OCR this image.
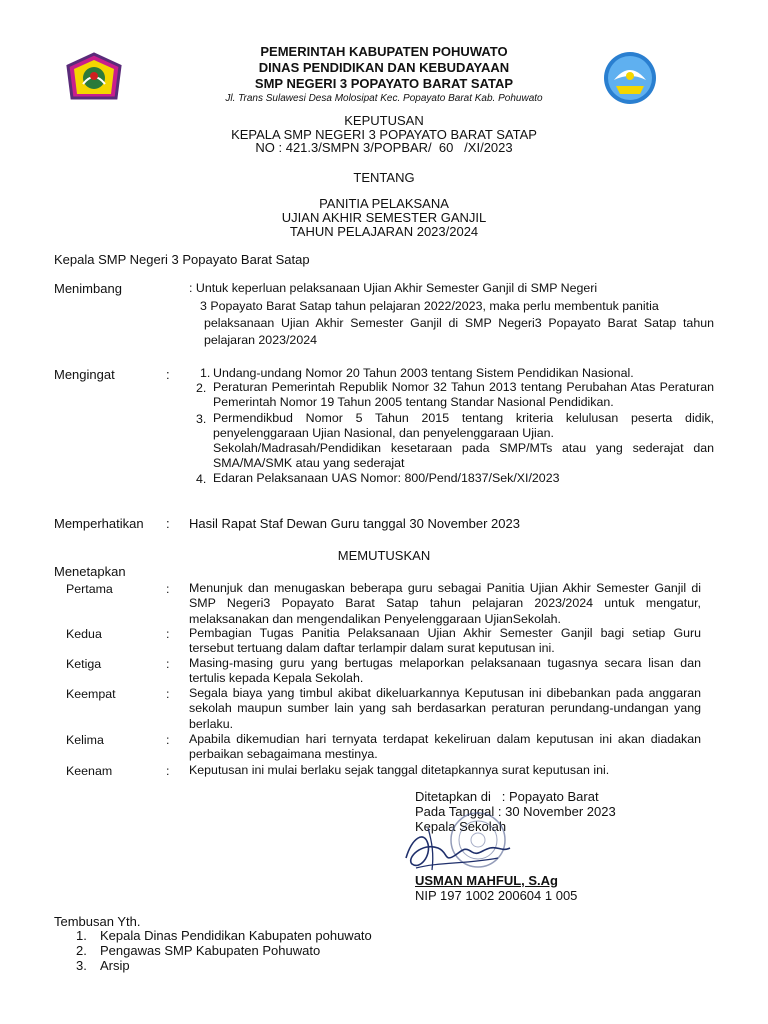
PEMERINTAH KABUPATEN POHUWATO
DINAS PENDIDIKAN DAN KEBUDAYAAN
SMP NEGERI 3 POPAYATO BARAT SATAP
Jl. Trans Sulawesi Desa Molosipat Kec. Popayato Barat Kab. Pohuwato
KEPUTUSAN
KEPALA SMP NEGERI 3 POPAYATO BARAT SATAP
NO : 421.3/SMPN 3/POPBAR/  60   /XI/2023
TENTANG
PANITIA PELAKSANA
UJIAN AKHIR SEMESTER GANJIL
TAHUN PELAJARAN 2023/2024
Kepala SMP Negeri 3 Popayato Barat Satap
Menimbang	: Untuk keperluan pelaksanaan Ujian Akhir Semester Ganjil di SMP Negeri
3 Popayato Barat Satap tahun pelajaran 2022/2023, maka perlu membentuk panitia
pelaksanaan Ujian Akhir Semester Ganjil di SMP Negeri3 Popayato Barat Satap tahun
pelajaran 2023/2024
Mengingat	: 1. Undang-undang Nomor 20 Tahun 2003 tentang Sistem Pendidikan Nasional.
2. Peraturan Pemerintah Republik Nomor 32 Tahun 2013 tentang Perubahan Atas Peraturan Pemerintah Nomor 19 Tahun 2005 tentang Standar Nasional Pendidikan.
3. Permendikbud Nomor 5 Tahun 2015 tentang kriteria kelulusan peserta didik, penyelenggaraan Ujian Nasional, dan penyelenggaraan Ujian.
Sekolah/Madrasah/Pendidikan kesetaraan pada SMP/MTs atau yang sederajat dan SMA/MA/SMK atau yang sederajat
4. Edaran Pelaksanaan UAS Nomor: 800/Pend/1837/Sek/XI/2023
Memperhatikan : Hasil Rapat Staf Dewan Guru tanggal 30 November 2023
MEMUTUSKAN
Menetapkan
Pertama	: Menunjuk dan menugaskan beberapa guru sebagai Panitia Ujian Akhir Semester Ganjil di SMP Negeri3 Popayato Barat Satap tahun pelajaran 2023/2024 untuk mengatur, melaksanakan dan mengendalikan Penyelenggaraan UjianSekolah.
Kedua	: Pembagian Tugas Panitia Pelaksanaan Ujian Akhir Semester Ganjil bagi setiap Guru tersebut tertuang dalam daftar terlampir dalam surat keputusan ini.
Ketiga	: Masing-masing guru yang bertugas melaporkan pelaksanaan tugasnya secara lisan dan tertulis kepada Kepala Sekolah.
Keempat	: Segala biaya yang timbul akibat dikeluarkannya Keputusan ini dibebankan pada anggaran sekolah maupun sumber lain yang sah berdasarkan peraturan perundang-undangan yang berlaku.
Kelima	: Apabila dikemudian hari ternyata terdapat kekeliruan dalam keputusan ini akan diadakan perbaikan sebagaimana mestinya.
Keenam	: Keputusan ini mulai berlaku sejak tanggal ditetapkannya surat keputusan ini.
Ditetapkan di   : Popayato Barat
Pada Tanggal : 30 November 2023
Kepala Sekolah
USMAN MAHFUL, S.Ag
NIP 197 1002 200604 1 005
Tembusan Yth.
1. Kepala Dinas Pendidikan Kabupaten pohuwato
2. Pengawas SMP Kabupaten Pohuwato
3. Arsip
